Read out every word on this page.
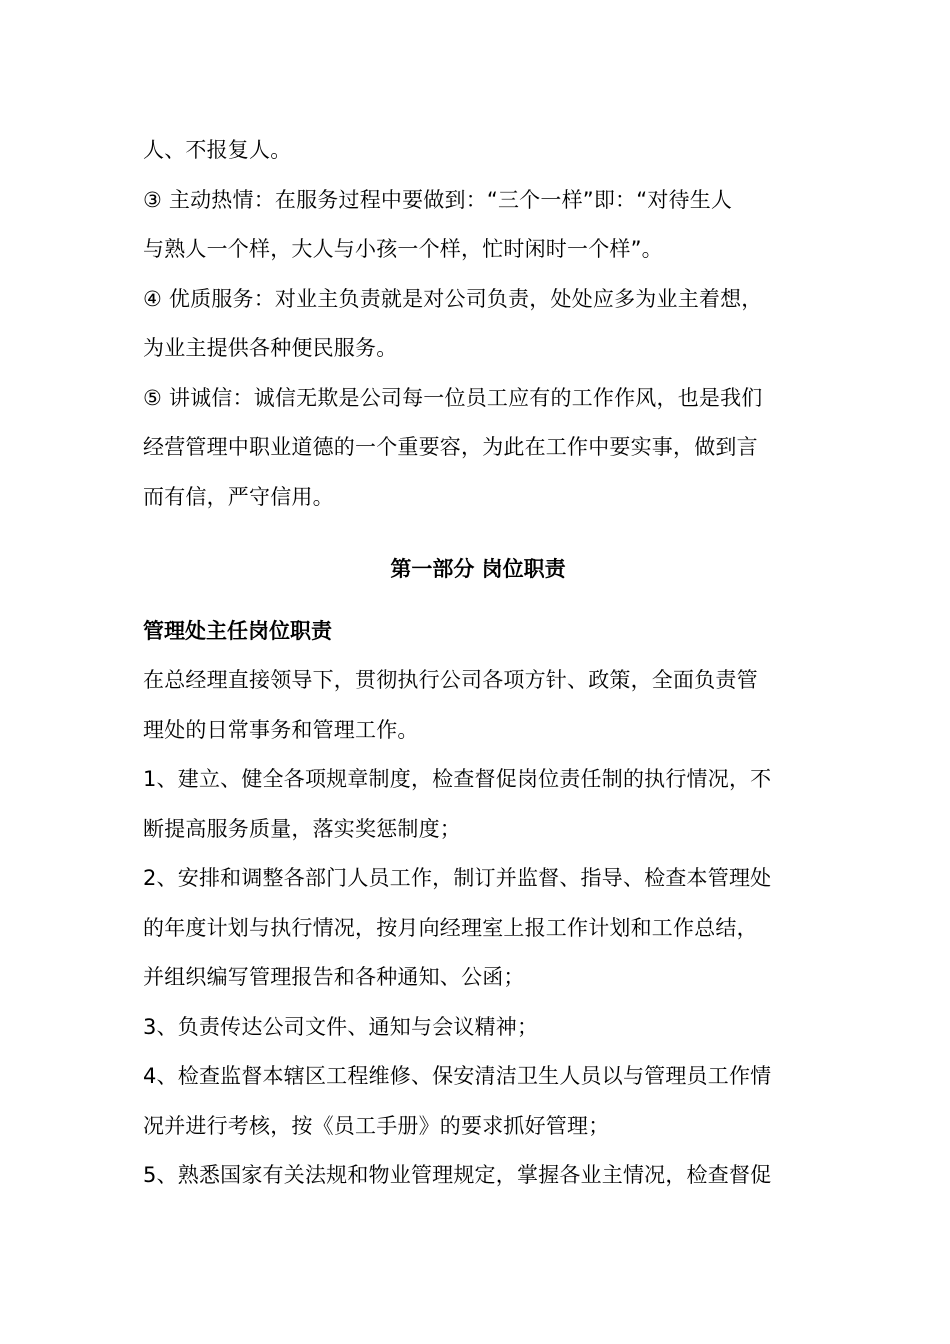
人、不报复人。
③ 主动热情：在服务过程中要做到：“三个一样”即：“对待生人
与熟人一个样，大人与小孩一个样，忙时闲时一个样”。
④ 优质服务：对业主负责就是对公司负责，处处应多为业主着想，
为业主提供各种便民服务。
⑤ 讲诚信：诚信无欺是公司每一位员工应有的工作作风，也是我们
经营管理中职业道德的一个重要容，为此在工作中要实事，做到言
而有信，严守信用。
第一部分 岗位职责
管理处主任岗位职责
在总经理直接领导下，贯彻执行公司各项方针、政策，全面负责管
理处的日常事务和管理工作。
1、建立、健全各项规章制度，检查督促岗位责任制的执行情况，不
断提高服务质量，落实奖惩制度；
2、安排和调整各部门人员工作，制订并监督、指导、检查本管理处
的年度计划与执行情况，按月向经理室上报工作计划和工作总结，
并组织编写管理报告和各种通知、公函；
3、负责传达公司文件、通知与会议精神；
4、检查监督本辖区工程维修、保安清洁卫生人员以与管理员工作情
况并进行考核，按《员工手册》的要求抓好管理；
5、熟悉国家有关法规和物业管理规定，掌握各业主情况，检查督促
